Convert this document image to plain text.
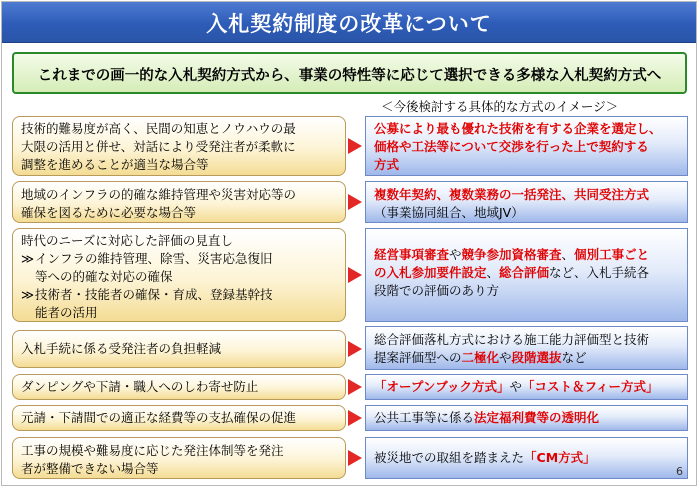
入札契約制度の改革について
これまでの画一的な入札契約方式から、事業の特性等に応じて選択できる多様な入札契約方式へ
＜今後検討する具体的な方式のイメージ＞
技術的難易度が高く、民間の知恵とノウハウの最
大限の活用と併せ、対話により受発注者が柔軟に
調整を進めることが適当な場合等
公募により最も優れた技術を有する企業を選定し、
価格や工法等について交渉を行った上で契約する
方式
地域のインフラの的確な維持管理や災害対応等の
確保を図るために必要な場合等
複数年契約、複数業務の一括発注、共同受注方式
（事業協同組合、地域JV）
時代のニーズに対応した評価の見直し
≫ インフラの維持管理、除雪、災害応急復旧
等への的確な対応の確保
≫ 技術者・技能者の確保・育成、登録基幹技
能者の活用
経営事項審査や競争参加資格審査、個別工事ごと
の入札参加要件設定、総合評価など、入札手続各
段階での評価のあり方
入札手続に係る受発注者の負担軽減
総合評価落札方式における施工能力評価型と技術
提案評価型への二極化や段階選抜など
ダンピングや下請・職人へのしわ寄せ防止	「オープンブック方式」や「コスト＆フィー方式」
元請・下請間での適正な経費等の支払確保の促進	公共工事等に係る法定福利費等の透明化
工事の規模や難易度に応じた発注体制等を発注
者が整備できない場合等
被災地での取組を踏まえた「CM方式」
6
